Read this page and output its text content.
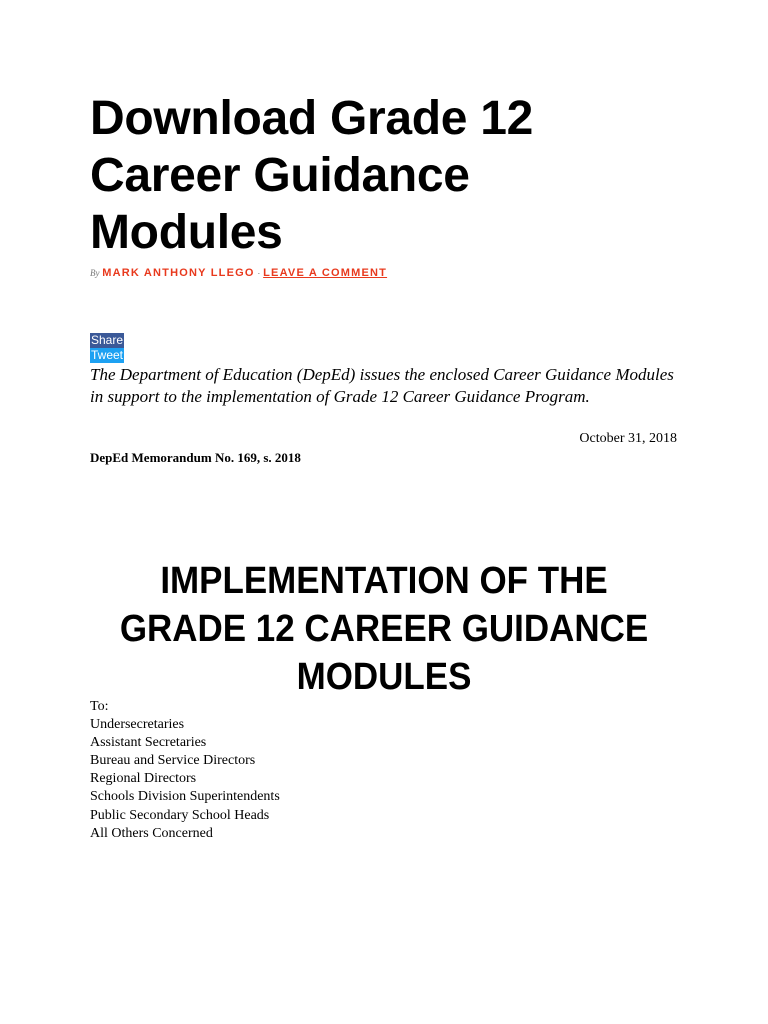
Download Grade 12 Career Guidance Modules
By MARK ANTHONY LLEGO · LEAVE A COMMENT
Share
Tweet

The Department of Education (DepEd) issues the enclosed Career Guidance Modules in support to the implementation of Grade 12 Career Guidance Program.

October 31, 2018
DepEd Memorandum No. 169, s. 2018
IMPLEMENTATION OF THE GRADE 12 CAREER GUIDANCE MODULES
To:
Undersecretaries
Assistant Secretaries
Bureau and Service Directors
Regional Directors
Schools Division Superintendents
Public Secondary School Heads
All Others Concerned
